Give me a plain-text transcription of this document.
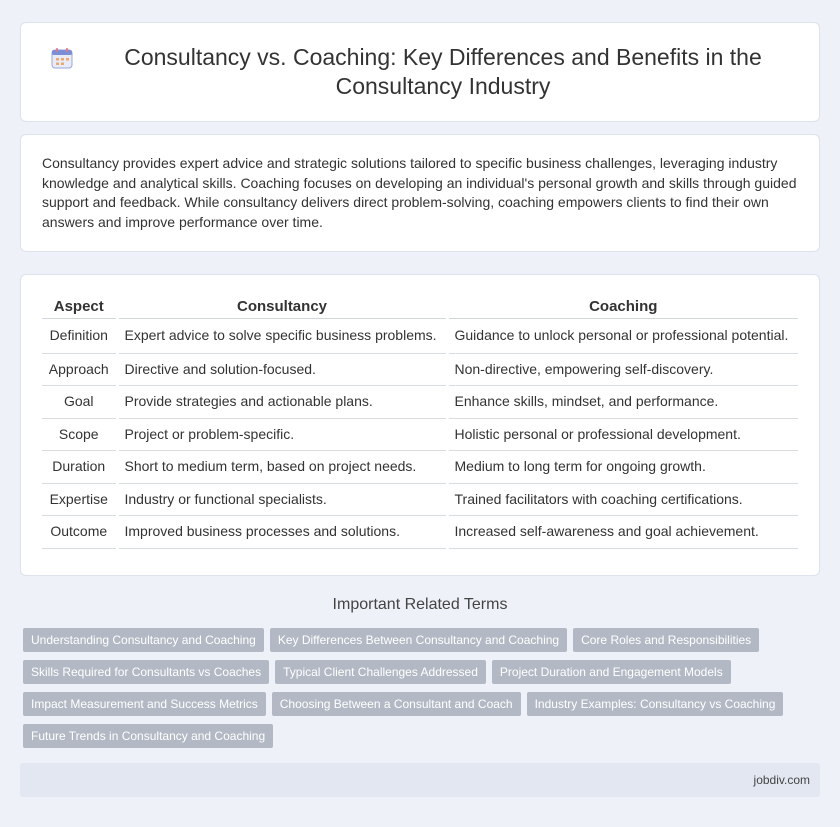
Consultancy vs. Coaching: Key Differences and Benefits in the Consultancy Industry

Consultancy provides expert advice and strategic solutions tailored to specific business challenges, leveraging industry knowledge and analytical skills. Coaching focuses on developing an individual's personal growth and skills through guided support and feedback. While consultancy delivers direct problem-solving, coaching empowers clients to find their own answers and improve performance over time.

Aspect	Consultancy	Coaching
Definition	Expert advice to solve specific business problems.	Guidance to unlock personal or professional potential.
Approach	Directive and solution-focused.	Non-directive, empowering self-discovery.
Goal	Provide strategies and actionable plans.	Enhance skills, mindset, and performance.
Scope	Project or problem-specific.	Holistic personal or professional development.
Duration	Short to medium term, based on project needs.	Medium to long term for ongoing growth.
Expertise	Industry or functional specialists.	Trained facilitators with coaching certifications.
Outcome	Improved business processes and solutions.	Increased self-awareness and goal achievement.
Important Related Terms
Understanding Consultancy and Coaching	Key Differences Between Consultancy and Coaching	Core Roles and Responsibilities
Skills Required for Consultants vs Coaches	Typical Client Challenges Addressed	Project Duration and Engagement Models
Impact Measurement and Success Metrics	Choosing Between a Consultant and Coach	Industry Examples: Consultancy vs Coaching
Future Trends in Consultancy and Coaching
jobdiv.com
